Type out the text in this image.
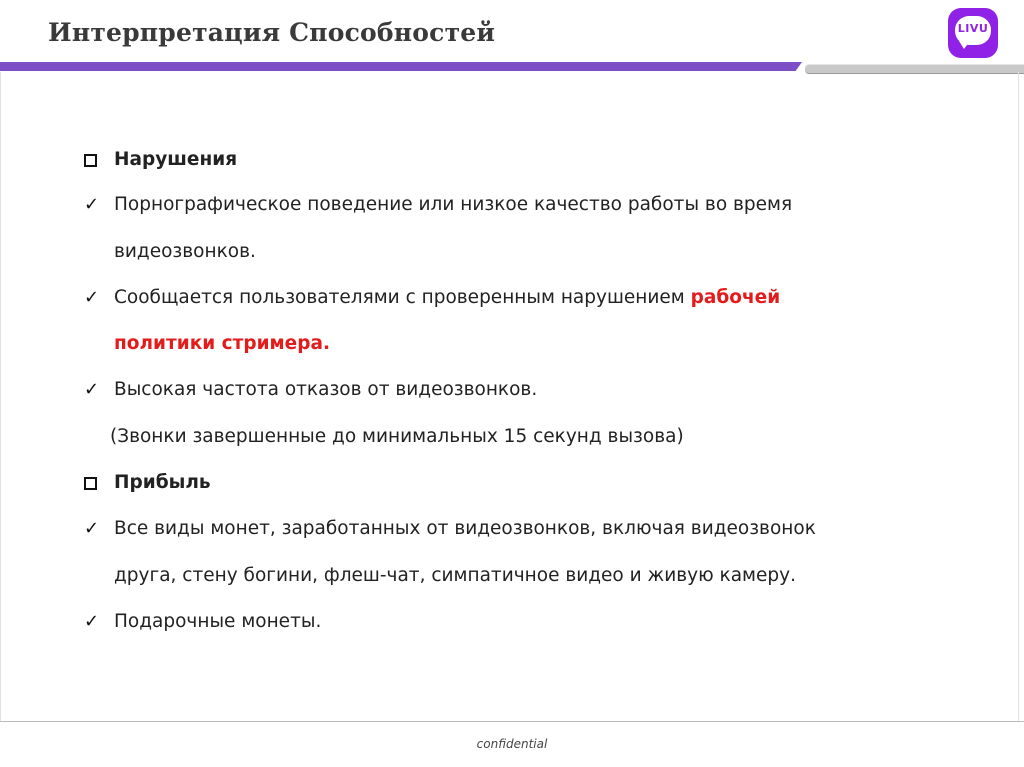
Интерпретация Способностей	LIVU
Нарушения
✓ Порнографическое поведение или низкое качество работы во время
видеозвонков.
✓ Сообщается пользователями с проверенным нарушением рабочей
политики стримера.
✓ Высокая частота отказов от видеозвонков.
(Звонки завершенные до минимальных 15 секунд вызова)
Прибыль
✓ Все виды монет, заработанных от видеозвонков, включая видеозвонок
друга, стену богини, флеш-чат, симпатичное видео и живую камеру.
✓ Подарочные монеты.
confidential
